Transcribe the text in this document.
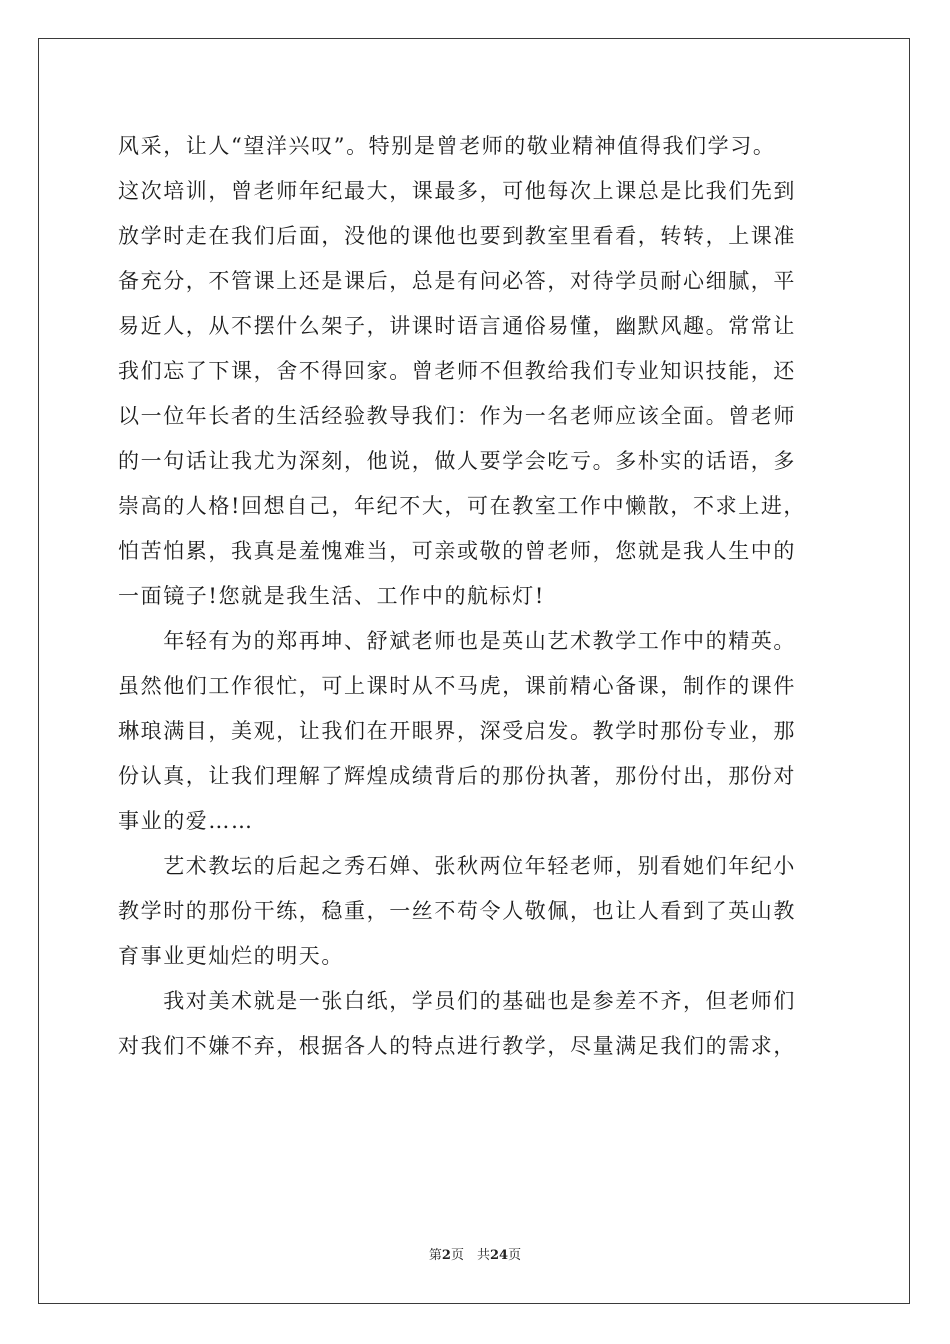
风采，让人“望洋兴叹”。特别是曾老师的敬业精神值得我们学习。
这次培训，曾老师年纪最大，课最多，可他每次上课总是比我们先到
放学时走在我们后面，没他的课他也要到教室里看看，转转，上课准
备充分，不管课上还是课后，总是有问必答，对待学员耐心细腻，平
易近人，从不摆什么架子，讲课时语言通俗易懂，幽默风趣。常常让
我们忘了下课，舍不得回家。曾老师不但教给我们专业知识技能，还
以一位年长者的生活经验教导我们：作为一名老师应该全面。曾老师
的一句话让我尤为深刻，他说，做人要学会吃亏。多朴实的话语，多
崇高的人格!回想自己，年纪不大，可在教室工作中懒散，不求上进，
怕苦怕累，我真是羞愧难当，可亲或敬的曾老师，您就是我人生中的
一面镜子!您就是我生活、工作中的航标灯!
　　年轻有为的郑再坤、舒斌老师也是英山艺术教学工作中的精英。
虽然他们工作很忙，可上课时从不马虎，课前精心备课，制作的课件
琳琅满目，美观，让我们在开眼界，深受启发。教学时那份专业，那
份认真，让我们理解了辉煌成绩背后的那份执著，那份付出，那份对
事业的爱……
　　艺术教坛的后起之秀石婵、张秋两位年轻老师，别看她们年纪小
教学时的那份干练，稳重，一丝不苟令人敬佩，也让人看到了英山教
育事业更灿烂的明天。
　　我对美术就是一张白纸，学员们的基础也是参差不齐，但老师们
对我们不嫌不弃，根据各人的特点进行教学，尽量满足我们的需求，
第2页　共24页
